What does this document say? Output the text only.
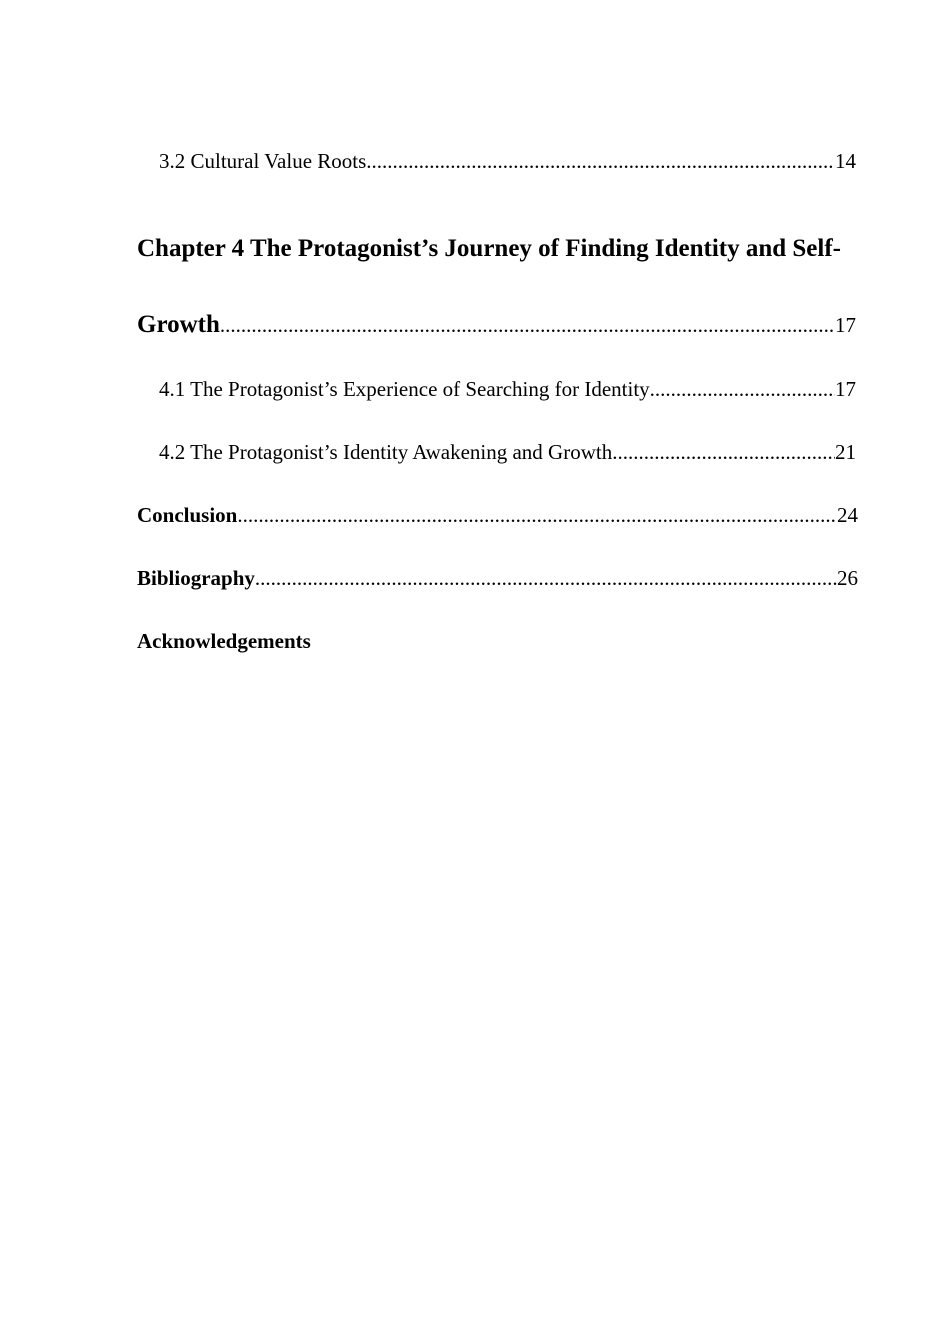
3.2 Cultural Value Roots .....	14
Chapter 4 The Protagonist’s Journey of Finding Identity and Self-
Growth .....	17
4.1 The Protagonist’s Experience of Searching for Identity .....	17
4.2 The Protagonist’s Identity Awakening and Growth .....	21
Conclusion .....	24
Bibliography .....	26
Acknowledgements
